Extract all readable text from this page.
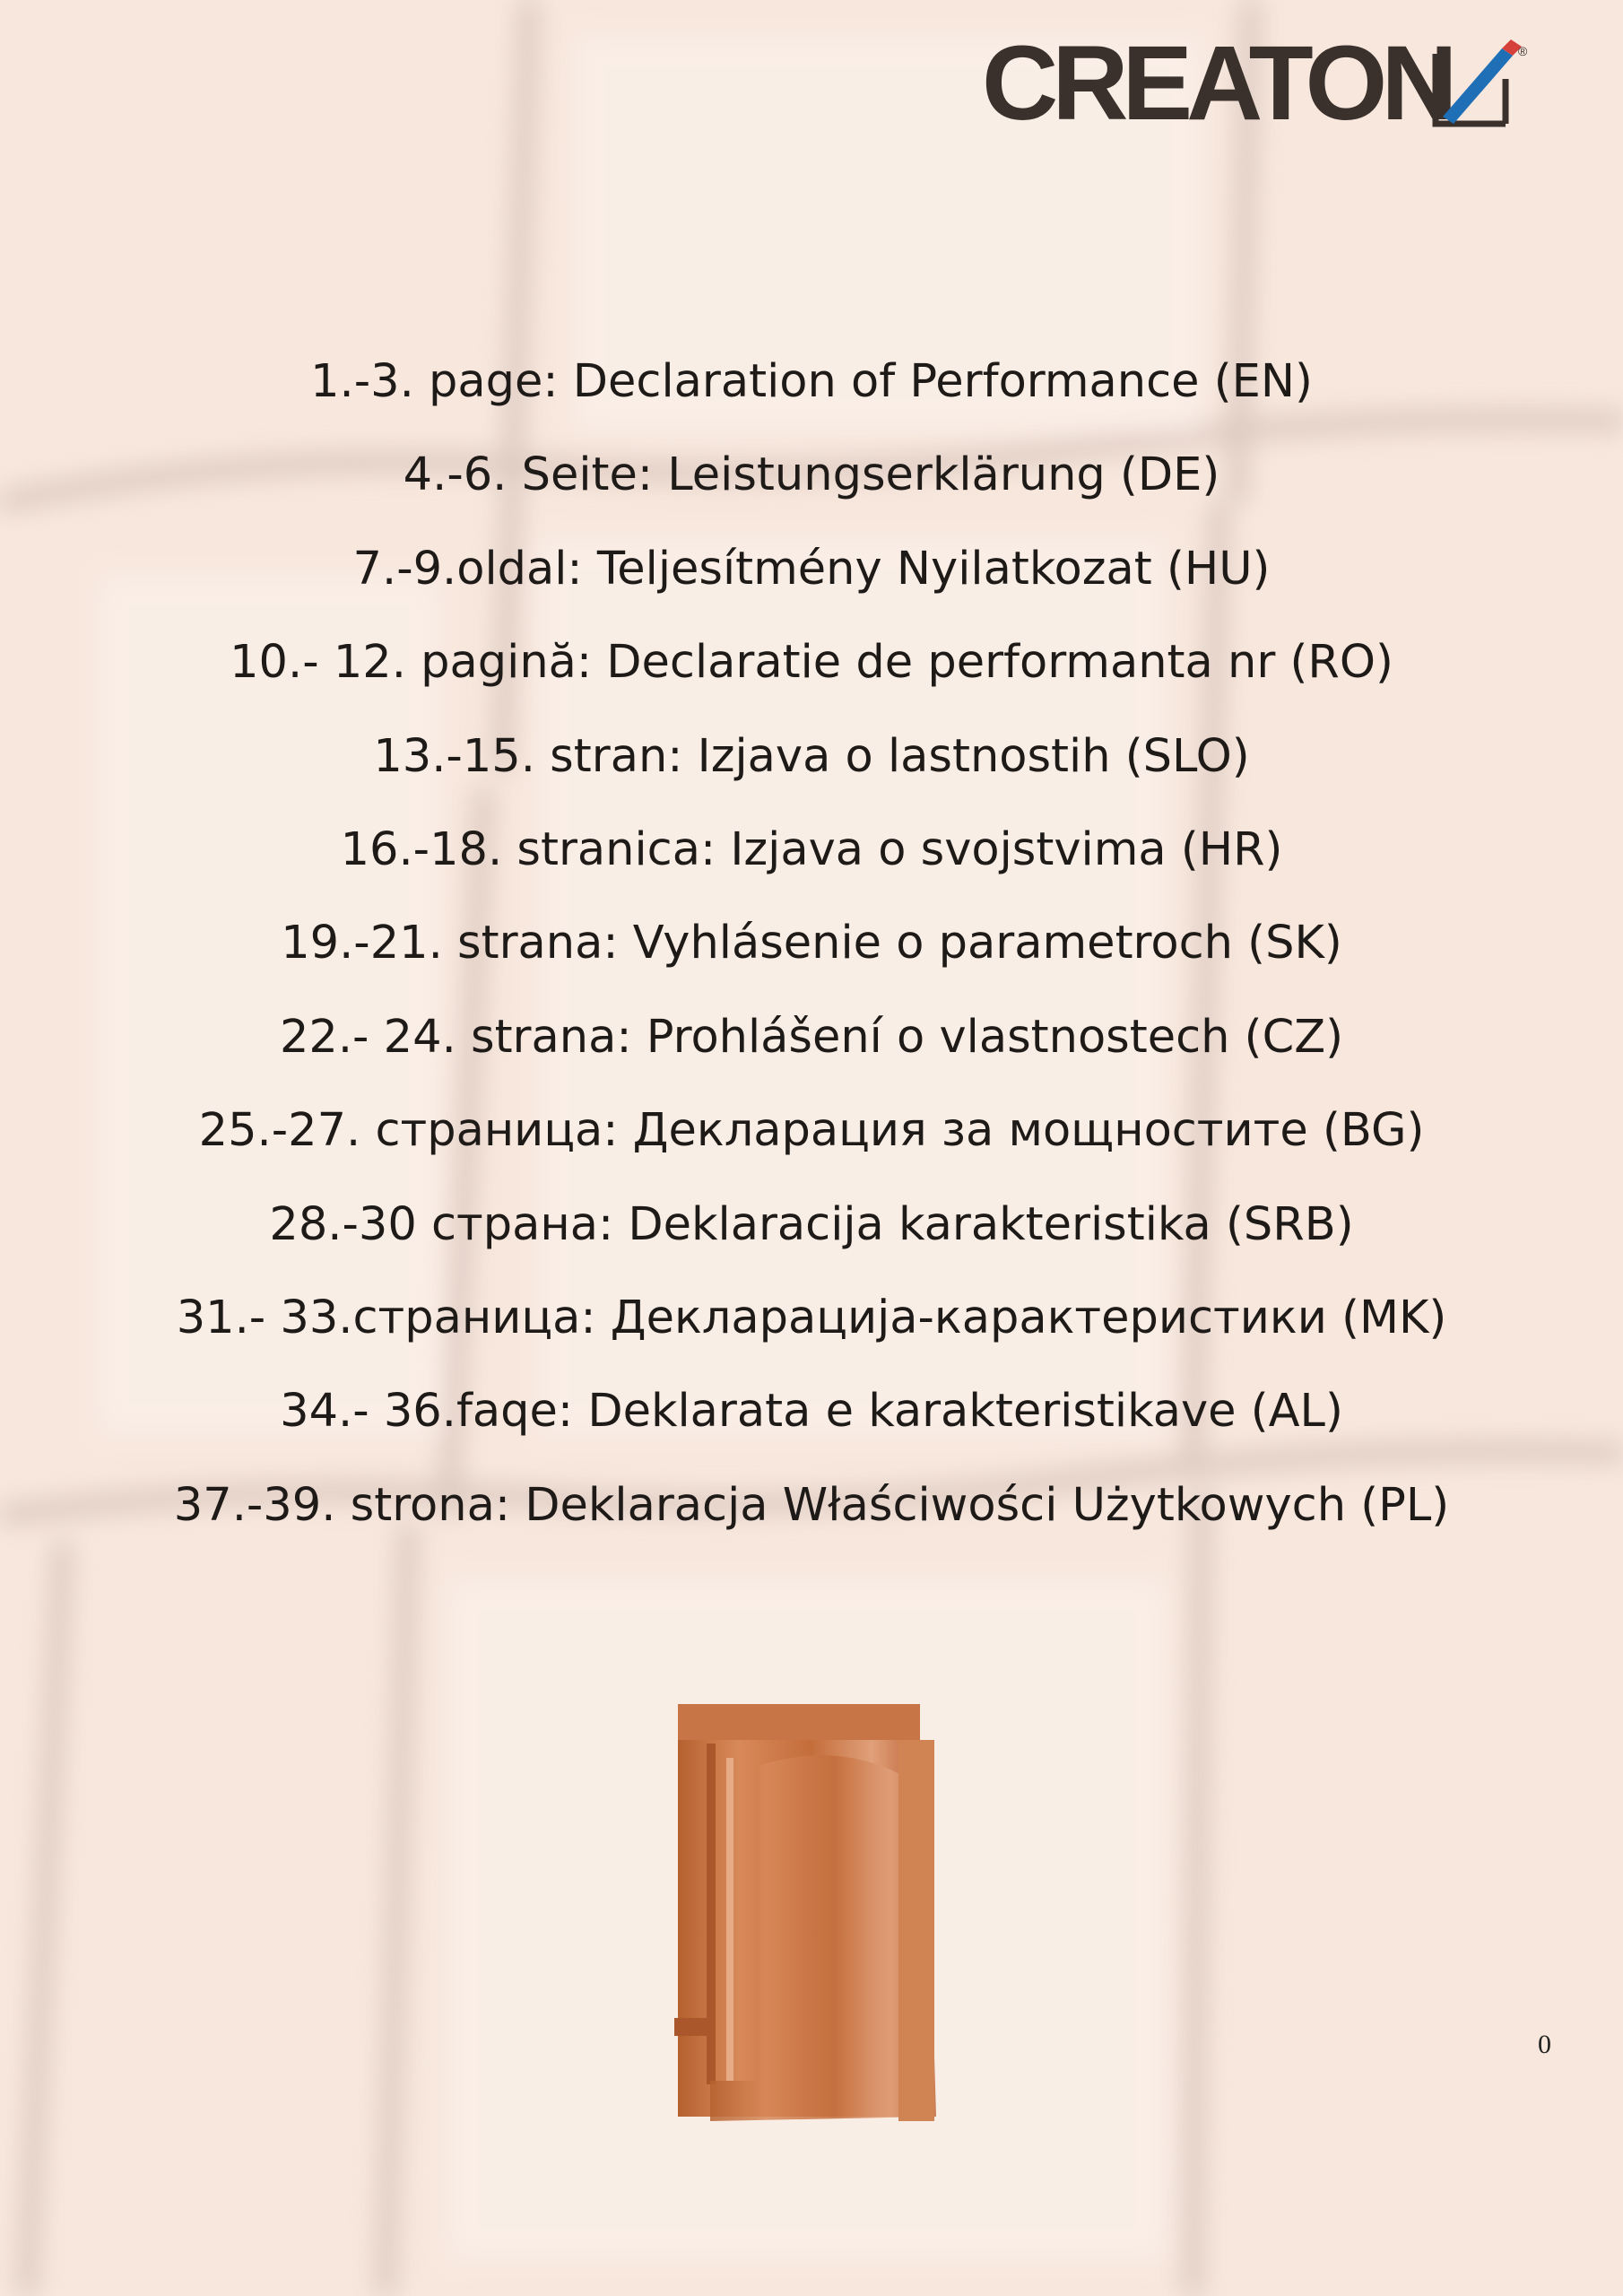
CREATON	®
1.-3. page: Declaration of Performance (EN)
4.-6. Seite: Leistungserklärung (DE)
7.-9.oldal: Teljesítmény Nyilatkozat (HU)
10.- 12. pagină: Declaratie de performanta nr (RO)
13.-15. stran: Izjava o lastnostih (SLO)
16.-18. stranica: Izjava o svojstvima (HR)
19.-21. strana: Vyhlásenie o parametroch (SK)
22.- 24. strana: Prohlášení o vlastnostech (CZ)
25.-27. страница: Декларация за мощностите (BG)
28.-30 страна: Deklaracija karakteristika (SRB)
31.- 33.страница: Декларација-карактеристики (MK)
34.- 36.faqe: Deklarata e karakteristikave (AL)
37.-39. strona: Deklaracja Właściwości Użytkowych (PL)
0
